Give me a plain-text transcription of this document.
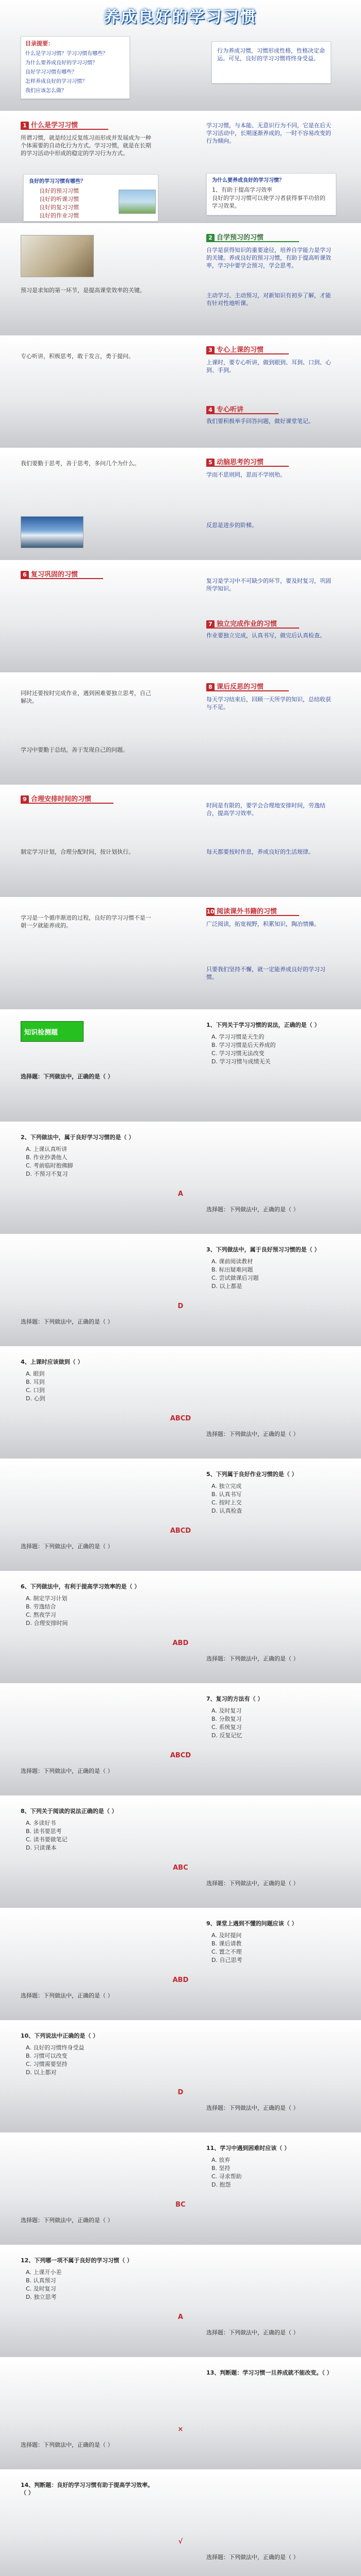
养成良好的学习习惯
目录提要：
什么是学习习惯？学习习惯有哪些？
为什么要养成良好的学习习惯？
良好学习习惯有哪些？
怎样养成良好的学习习惯？
我们应该怎么做？
行为养成习惯，习惯形成性格，性格决定命运。可见，良好的学习习惯将终身受益。
1 什么是学习习惯
所谓习惯，就是经过反复练习而形成并发展成为一种个体需要的自动化行为方式。学习习惯，就是在长期的学习活动中形成的稳定的学习行为方式。
学习习惯，与本能、无意识行为不同，它是在后天学习活动中，长期逐渐养成的，一时不容易改变的行为倾向。
良好的学习习惯有哪些？
良好的预习习惯
良好的听课习惯
良好的复习习惯
良好的作业习惯
为什么要养成良好的学习习惯？
1、有助于提高学习效率
良好的学习习惯可以使学习者获得事半功倍的学习效果。
2 自学预习的习惯
自学是获得知识的重要途径，培养自学能力是学习的关键。养成良好的预习习惯，有助于提高听课效率，学习中要学会预习，学会思考。
预习是求知的第一环节，是提高课堂效率的关键。
主动学习、主动预习，对新知识有初步了解，才能有针对性地听课。
3 专心上课的习惯
上课时，要专心听讲，做到眼到、耳到、口到、心到、手到。
专心听讲，积极思考，敢于发言，勇于提问。
4 专心听讲
我们要积极举手回答问题，做好课堂笔记。
我们要勤于思考，善于思考，多问几个为什么。	5 动脑思考的习惯
学而不思则罔，思而不学则殆。
反思是进步的阶梯。
6 复习巩固的习惯
复习是学习中不可缺少的环节，要及时复习，巩固所学知识。
7 独立完成作业的习惯
作业要独立完成，认真书写，做完后认真检查。
同时还要按时完成作业，遇到困难要独立思考，自己解决。
8 课后反思的习惯
每天学习结束后，回顾一天所学的知识，总结收获与不足。
学习中要勤于总结，善于发现自己的问题。
9 合理安排时间的习惯
时间是有限的，要学会合理地安排时间，劳逸结合，提高学习效率。
制定学习计划，合理分配时间，按计划执行。	每天都要按时作息，养成良好的生活规律。
10 阅读课外书籍的习惯
广泛阅读，拓宽视野，积累知识，陶冶情操。
学习是一个循序渐进的过程，良好的学习习惯不是一朝一夕就能养成的。
只要我们坚持不懈，就一定能养成良好的学习习惯。
知识检测题
1、下列关于学习习惯的说法，正确的是（ ）
A. 学习习惯是天生的
B. 学习习惯是后天养成的
C. 学习习惯无法改变
D. 学习习惯与成绩无关
选择题：下列做法中，正确的是（ ）
2、下列做法中，属于良好学习习惯的是（ ）
A. 上课认真听讲
B. 作业抄袭他人
C. 考前临时抱佛脚
D. 不预习不复习
A
选择题：下列做法中，正确的是（ ）
3、下列做法中，属于良好预习习惯的是（ ）
A. 课前阅读教材
B. 标出疑难问题
C. 尝试做课后习题
D. 以上都是
D
选择题：下列做法中，正确的是（ ）
4、上课时应该做到（ ）
A. 眼到
B. 耳到
C. 口到
D. 心到
ABCD
选择题：下列做法中，正确的是（ ）
5、下列属于良好作业习惯的是（ ）
A. 独立完成
B. 认真书写
C. 按时上交
D. 认真检查
ABCD
选择题：下列做法中，正确的是（ ）
6、下列做法中，有利于提高学习效率的是（ ）
A. 制定学习计划
B. 劳逸结合
C. 熬夜学习
D. 合理安排时间
ABD
选择题：下列做法中，正确的是（ ）
7、复习的方法有（ ）
A. 及时复习
B. 分散复习
C. 系统复习
D. 反复记忆
ABCD
选择题：下列做法中，正确的是（ ）
8、下列关于阅读的说法正确的是（ ）
A. 多读好书
B. 读书要思考
C. 读书要做笔记
D. 只读课本
ABC
选择题：下列做法中，正确的是（ ）
9、课堂上遇到不懂的问题应该（ ）
A. 及时提问
B. 课后请教
C. 置之不理
D. 自己思考
ABD
选择题：下列做法中，正确的是（ ）
10、下列说法中正确的是（ ）
A. 良好的习惯终身受益
B. 习惯可以改变
C. 习惯需要坚持
D. 以上都对
D
选择题：下列做法中，正确的是（ ）
11、学习中遇到困难时应该（ ）
A. 放弃
B. 坚持
C. 寻求帮助
D. 抱怨
BC
选择题：下列做法中，正确的是（ ）
12、下列哪一项不属于良好的学习习惯（ ）
A. 上课开小差
B. 认真预习
C. 及时复习
D. 独立思考
A
选择题：下列做法中，正确的是（ ）
13、判断题：学习习惯一旦养成就不能改变。（ ）
×
选择题：下列做法中，正确的是（ ）
14、判断题：良好的学习习惯有助于提高学习效率。（ ）
√
选择题：下列做法中，正确的是（ ）
